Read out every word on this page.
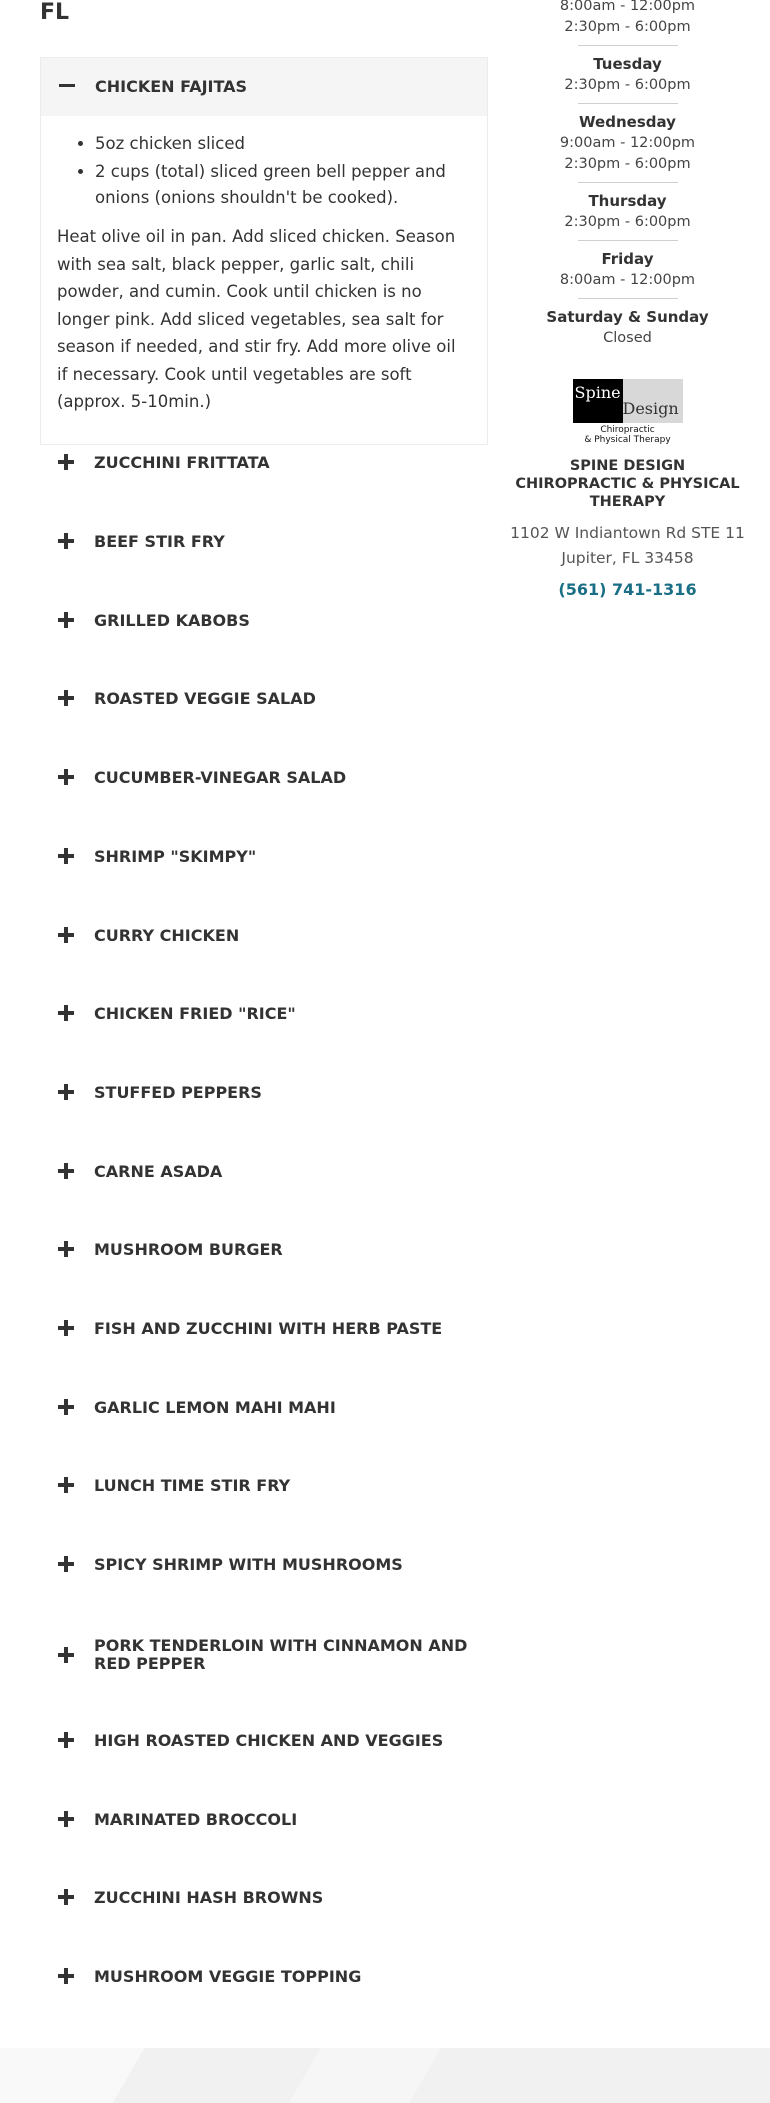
FL
CHICKEN FAJITAS
• 5oz chicken sliced
• 2 cups (total) sliced green bell pepper and onions (onions shouldn't be cooked).

Heat olive oil in pan. Add sliced chicken. Season with sea salt, black pepper, garlic salt, chili powder, and cumin. Cook until chicken is no longer pink. Add sliced vegetables, sea salt for season if needed, and stir fry. Add more olive oil if necessary. Cook until vegetables are soft (approx. 5-10min.)

ZUCCHINI FRITTATA
BEEF STIR FRY
GRILLED KABOBS
ROASTED VEGGIE SALAD
CUCUMBER-VINEGAR SALAD
SHRIMP "SKIMPY"
CURRY CHICKEN
CHICKEN FRIED "RICE"
STUFFED PEPPERS
CARNE ASADA
MUSHROOM BURGER
FISH AND ZUCCHINI WITH HERB PASTE
GARLIC LEMON MAHI MAHI
LUNCH TIME STIR FRY
SPICY SHRIMP WITH MUSHROOMS
PORK TENDERLOIN WITH CINNAMON AND RED PEPPER
HIGH ROASTED CHICKEN AND VEGGIES
MARINATED BROCCOLI
ZUCCHINI HASH BROWNS
MUSHROOM VEGGIE TOPPING
8:00am - 12:00pm
2:30pm - 6:00pm
Tuesday
2:30pm - 6:00pm
Wednesday
9:00am - 12:00pm
2:30pm - 6:00pm
Thursday
2:30pm - 6:00pm
Friday
8:00am - 12:00pm
Saturday & Sunday
Closed
Spine
Design
Chiropractic
& Physical Therapy
SPINE DESIGN CHIROPRACTIC & PHYSICAL THERAPY
1102 W Indiantown Rd STE 11
Jupiter, FL 33458
(561) 741-1316
